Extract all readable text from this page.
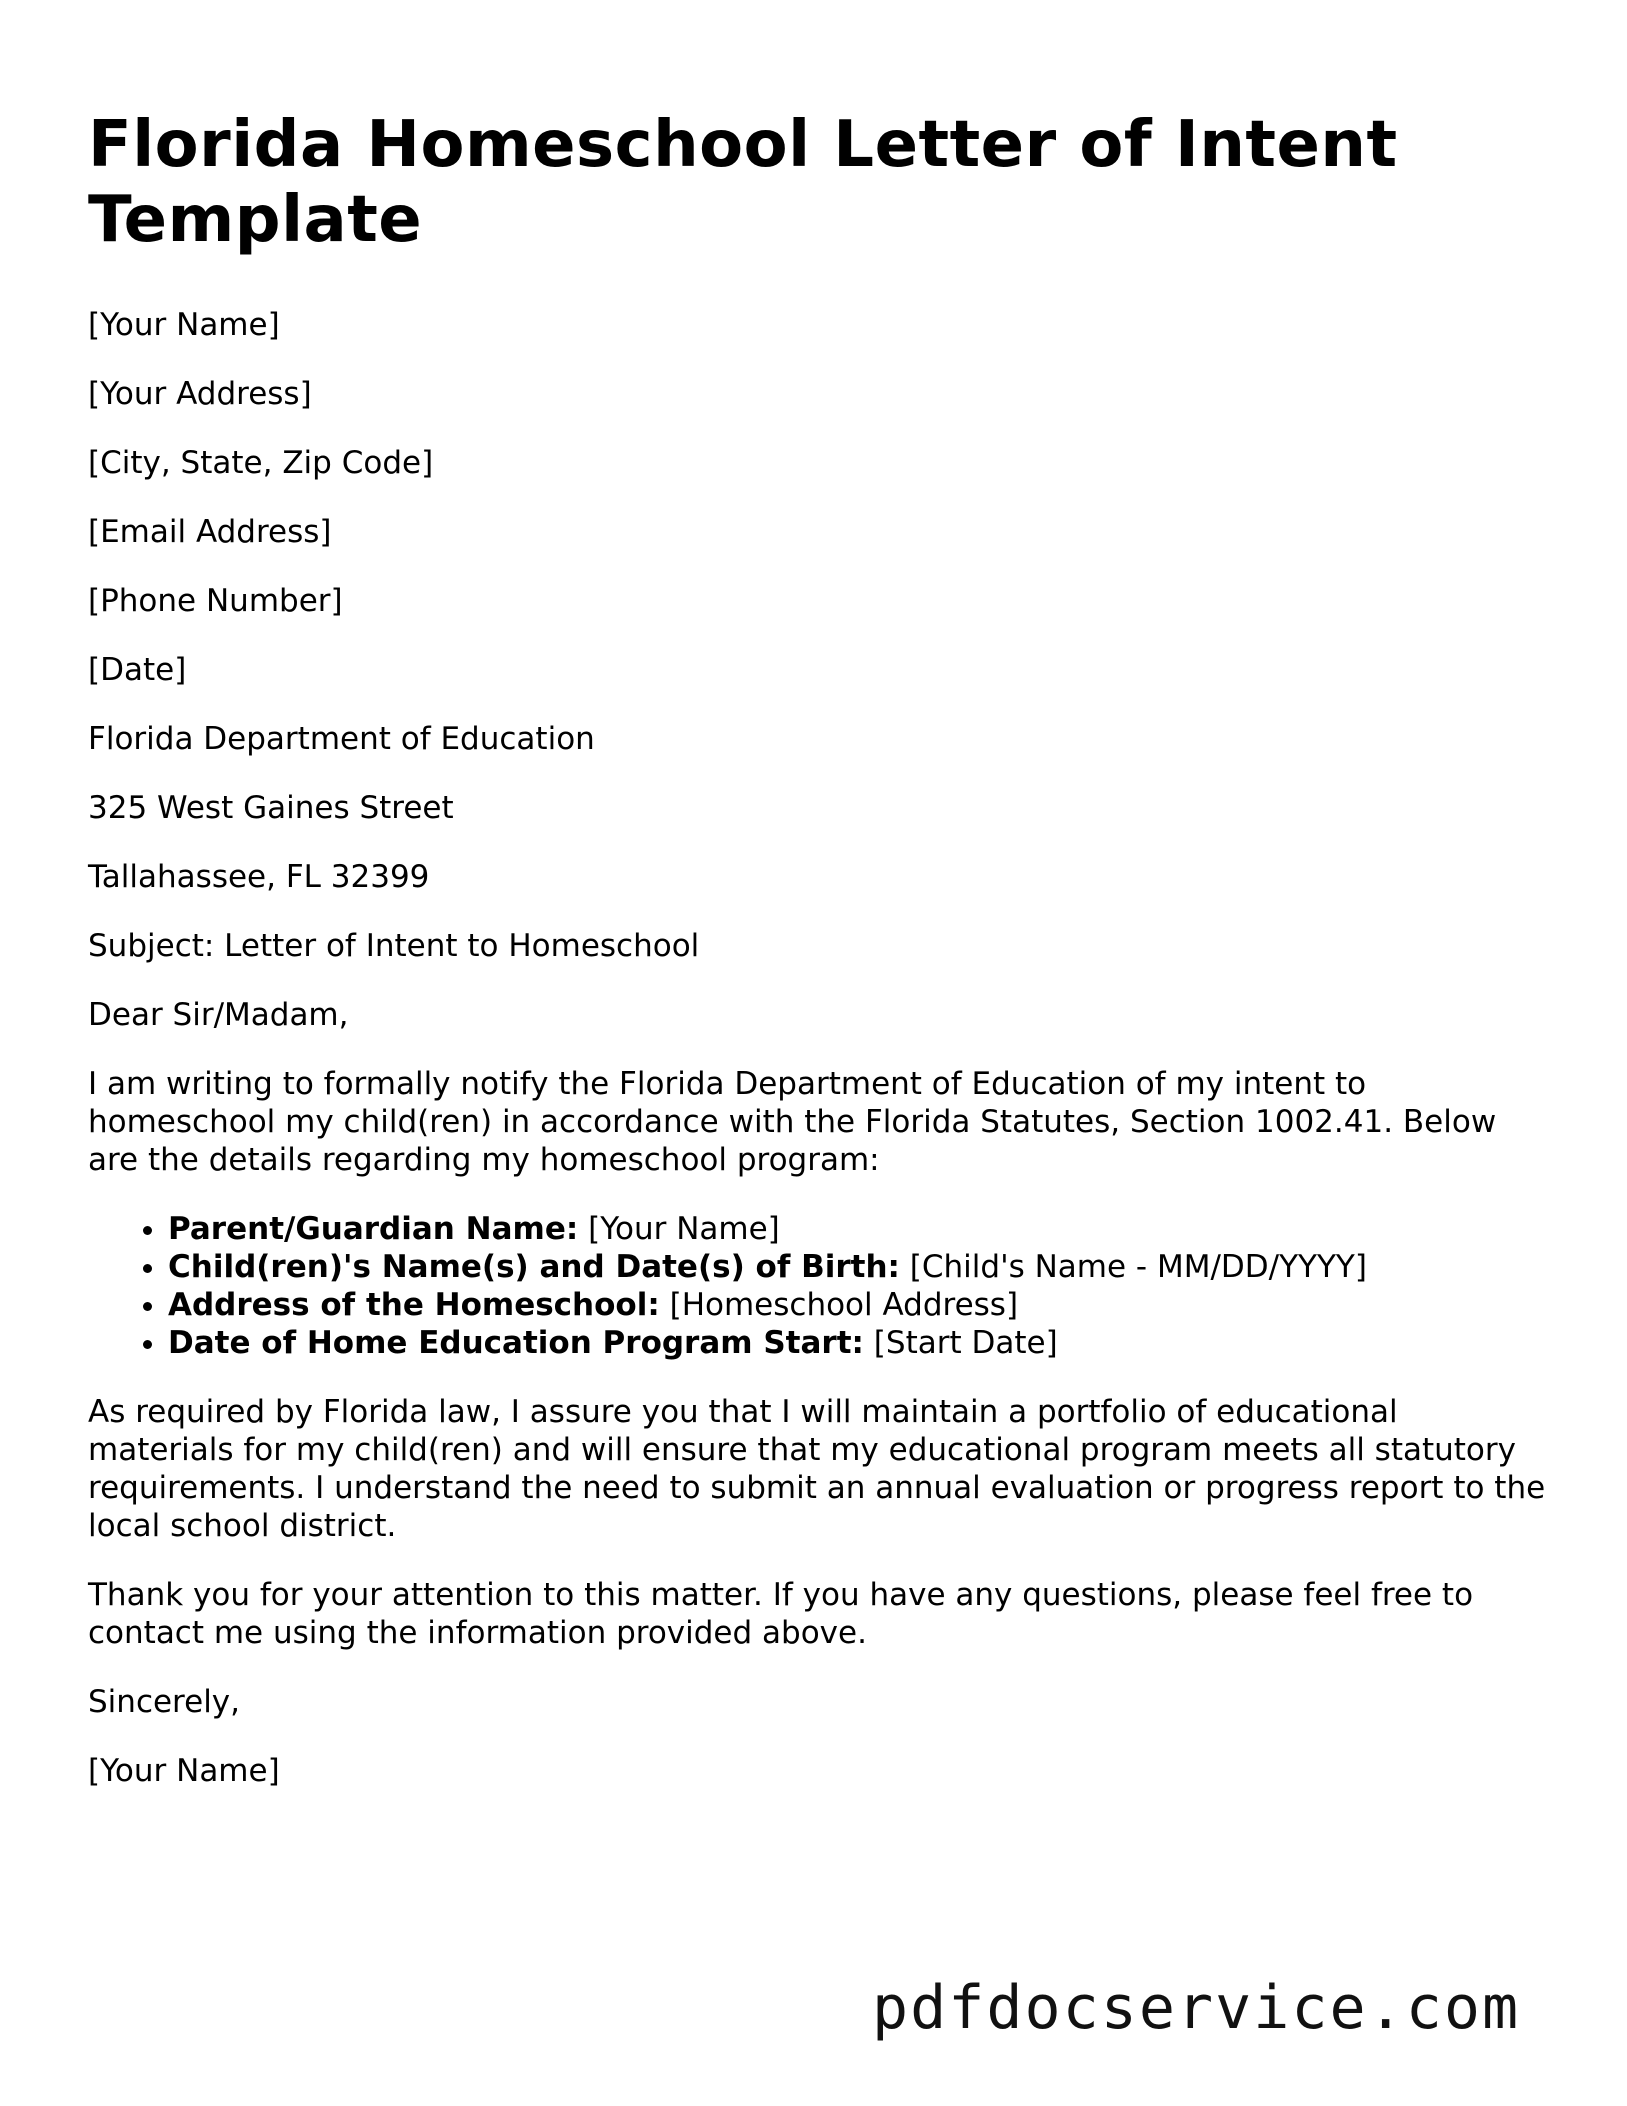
Florida Homeschool Letter of Intent Template

[Your Name]

[Your Address]

[City, State, Zip Code]

[Email Address]

[Phone Number]

[Date]

Florida Department of Education

325 West Gaines Street

Tallahassee, FL 32399

Subject: Letter of Intent to Homeschool

Dear Sir/Madam,

I am writing to formally notify the Florida Department of Education of my intent to homeschool my child(ren) in accordance with the Florida Statutes, Section 1002.41. Below are the details regarding my homeschool program:

• Parent/Guardian Name: [Your Name]
• Child(ren)'s Name(s) and Date(s) of Birth: [Child's Name - MM/DD/YYYY]
• Address of the Homeschool: [Homeschool Address]
• Date of Home Education Program Start: [Start Date]

As required by Florida law, I assure you that I will maintain a portfolio of educational materials for my child(ren) and will ensure that my educational program meets all statutory requirements. I understand the need to submit an annual evaluation or progress report to the local school district.

Thank you for your attention to this matter. If you have any questions, please feel free to contact me using the information provided above.

Sincerely,

[Your Name]

pdfdocservice.com
